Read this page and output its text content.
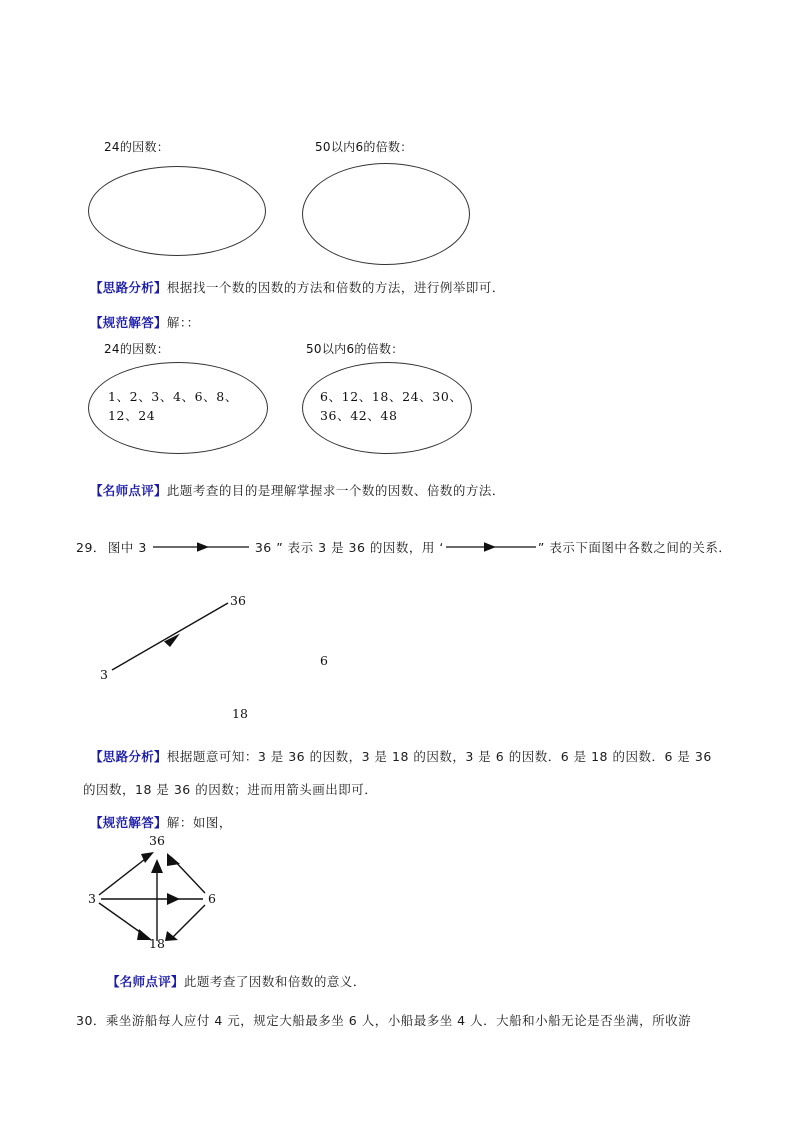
24的因数：	50以内6的倍数：
【思路分析】 根据找一个数的因数的方法和倍数的方法，进行例举即可．
【规范解答】 解：：
24的因数：	50以内6的倍数：
1、2、3、4、6、8、
12、24
6、12、18、24、30、
36、42、48
【名师点评】 此题考查的目的是理解掌握求一个数的因数、倍数的方法．
29． 图中 3	36 ” 表示 3 是 36 的因数，用 ‘	” 表示下面图中各数之间的关系．
36
3
6
18
【思路分析】 根据题意可知：3 是 36 的因数，3 是 18 的因数，3 是 6 的因数．6 是 18 的因数．6 是 36
的因数，18 是 36 的因数；进而用箭头画出即可．
【规范解答】 解：如图，
36
3	6
18
【名师点评】 此题考查了因数和倍数的意义．
30． 乘坐游船每人应付 4 元，规定大船最多坐 6 人，小船最多坐 4 人．大船和小船无论是否坐满，所收游
